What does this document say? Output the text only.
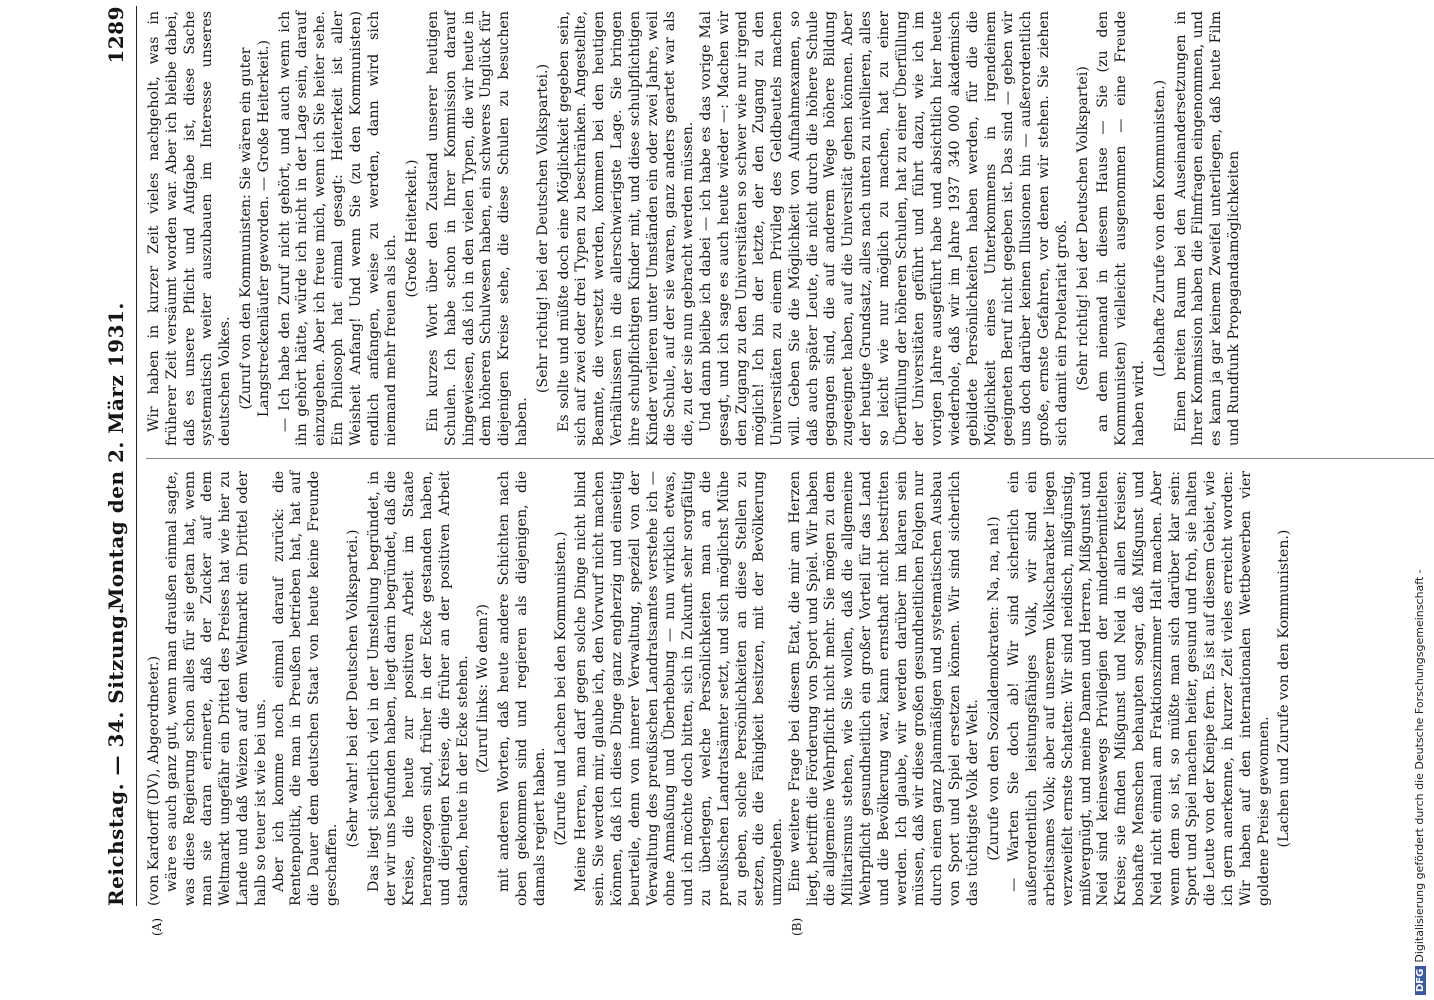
Reichstag. — 34. Sitzung.
Montag den 2. März 1931.
1289

(von Kardorff (DV), Abgeordneter.) wäre es auch ganz gut, wenn man draußen einmal sagte, was diese Regierung schon alles für sie getan hat, wenn man sie daran erinnerte, daß der Zucker auf dem Weltmarkt ungefähr ein Drittel des Preises hat wie hier zu Lande und daß Weizen auf dem Weltmarkt ein Drittel oder halb so teuer ist wie bei uns. Aber ich komme noch einmal darauf zurück: die Rentenpolitik, die man in Preußen betrieben hat, hat auf die Dauer dem deutschen Staat von heute keine Freunde geschaffen.

(Sehr wahr! bei der Deutschen Volkspartei.) Das liegt sicherlich viel in der Umstellung begründet, in der wir uns befunden haben, liegt darin begründet, daß die Kreise, die heute zur positiven Arbeit im Staate herangezogen sind, früher in der Ecke gestanden haben, und diejenigen Kreise, die früher an der positiven Arbeit standen, heute in der Ecke stehen. (Zuruf links: Wo denn?) mit anderen Worten, daß heute andere Schichten nach oben gekommen sind und regieren als diejenigen, die damals regiert haben. (Zurufe und Lachen bei den Kommunisten.) Meine Herren, man darf gegen solche Dinge nicht blind sein. Sie werden mir, glaube ich, den Vorwurf nicht machen können, daß ich diese Dinge ganz engherzig und einseitig beurteile, denn von innerer Verwaltung, speziell von der Verwaltung des preußischen Landratsamtes verstehe ich — ohne Anmaßung und Überhebung — nun wirklich etwas, und ich möchte doch bitten, sich in Zukunft sehr sorgfältig zu überlegen, welche Persönlichkeiten man an die preußischen Landratsämter setzt, und sich möglichst Mühe zu geben, solche Persönlichkeiten an diese Stellen zu setzen, die die Fähigkeit besitzen, mit der Bevölkerung umzugehen. Eine weitere Frage bei diesem Etat, die mir am Herzen liegt, betrifft die Förderung von Sport und Spiel. Wir haben die allgemeine Wehrpflicht nicht mehr. Sie mögen zu dem Militarismus stehen, wie Sie wollen, daß die allgemeine Wehrpflicht gesundheitlich ein großer Vorteil für das Land und die Bevölkerung war, kann ernsthaft nicht bestritten werden. Ich glaube, wir werden darüber im klaren sein müssen, daß wir diese großen gesundheitlichen Folgen nur durch einen ganz planmäßigen und systematischen Ausbau von Sport und Spiel ersetzen können. Wir sind sicherlich das tüchtigste Volk der Welt. (Zurufe von den Sozialdemokraten: Na, na, na!) — Warten Sie doch ab! Wir sind sicherlich ein außerordentlich leistungsfähiges Volk, wir sind ein arbeitsames Volk; aber auf unserem Volkscharakter liegen verzweifelt ernste Schatten: Wir sind neidisch, mißgünstig, mißvergnügt, und meine Damen und Herren, Mißgunst und Neid sind keineswegs Privilegien der minderbemittelten Kreise; sie finden Mißgunst und Neid in allen Kreisen; boshafte Menschen behaupten sogar, daß Mißgunst und Neid nicht einmal am Fraktionszimmer Halt machen. Aber wenn dem so ist, so müßte man sich darüber klar sein: Sport und Spiel machen heiter, gesund und froh, sie halten die Leute von der Kneipe fern. Es ist auf diesem Gebiet, wie ich gern anerkenne, in kurzer Zeit vieles erreicht worden: Wir haben auf den internationalen Wettbewerben vier goldene Preise gewonnen. (Lachen und Zurufe von den Kommunisten.)

Wir haben in kurzer Zeit vieles nachgeholt, was in früherer Zeit versäumt worden war. Aber ich bleibe dabei, daß es unsere Pflicht und Aufgabe ist, diese Sache systematisch weiter auszubauen im Interesse unseres deutschen Volkes. (Zuruf von den Kommunisten: Sie wären ein guter Langstreckenläufer geworden. — Große Heiterkeit.) — Ich habe den Zuruf nicht gehört, und auch wenn ich ihn gehört hätte, würde ich nicht in der Lage sein, darauf einzugehen. Aber ich freue mich, wenn ich Sie heiter sehe. Ein Philosoph hat einmal gesagt: Heiterkeit ist aller Weisheit Anfang! Und wenn Sie (zu den Kommunisten) endlich anfangen, weise zu werden, dann wird sich niemand mehr freuen als ich.

(Große Heiterkeit.) Ein kurzes Wort über den Zustand unserer heutigen Schulen. Ich habe schon in Ihrer Kommission darauf hingewiesen, daß ich in den vielen Typen, die wir heute in dem höheren Schulwesen haben, ein schweres Unglück für diejenigen Kreise sehe, die diese Schulen zu besuchen haben.

(Sehr richtig! bei der Deutschen Volkspartei.) Es sollte und müßte doch eine Möglichkeit gegeben sein, sich auf zwei oder drei Typen zu beschränken. Angestellte, Beamte, die versetzt werden, kommen bei den heutigen Verhältnissen in die allerschwierigste Lage. Sie bringen ihre schulpflichtigen Kinder mit, und diese schulpflichtigen Kinder verlieren unter Umständen ein oder zwei Jahre, weil die Schule, auf der sie waren, ganz anders geartet war als die, zu der sie nun gebracht werden müssen. Und dann bleibe ich dabei — ich habe es das vorige Mal gesagt, und ich sage es auch heute wieder —: Machen wir den Zugang zu den Universitäten so schwer wie nur irgend möglich! Ich bin der letzte, der den Zugang zu den Universitäten zu einem Privileg des Geldbeutels machen will. Geben Sie die Möglichkeit von Aufnahmexamen, so daß auch später Leute, die nicht durch die höhere Schule gegangen sind, die auf anderem Wege höhere Bildung zugeeignet haben, auf die Universität gehen können. Aber der heutige Grundsatz, alles nach unten zu nivellieren, alles so leicht wie nur möglich zu machen, hat zu einer Überfüllung der höheren Schulen, hat zu einer Überfüllung der Universitäten geführt und führt dazu, wie ich im vorigen Jahre ausgeführt habe und absichtlich hier heute wiederhole, daß wir im Jahre 1937 340 000 akademisch gebildete Persönlichkeiten haben werden, für die die Möglichkeit eines Unterkommens in irgendeinem geeigneten Beruf nicht gegeben ist. Das sind — geben wir uns doch darüber keinen Illusionen hin — außerordentlich große, ernste Gefahren, vor denen wir stehen. Sie ziehen sich damit ein Proletariat groß. (Sehr richtig! bei der Deutschen Volkspartei) an dem niemand in diesem Hause — Sie (zu den Kommunisten) vielleicht ausgenommen — eine Freude haben wird.

(Lebhafte Zurufe von den Kommunisten.) Einen breiten Raum bei den Auseinandersetzungen in Ihrer Kommission haben die Filmfragen eingenommen, und es kann ja gar keinem Zweifel unterliegen, daß heute Film und Rundfunk Propagandamöglichkeiten

(A)	(B)
DFGDigitalisierung gefördert durch die Deutsche Forschungsgemeinschaft -
